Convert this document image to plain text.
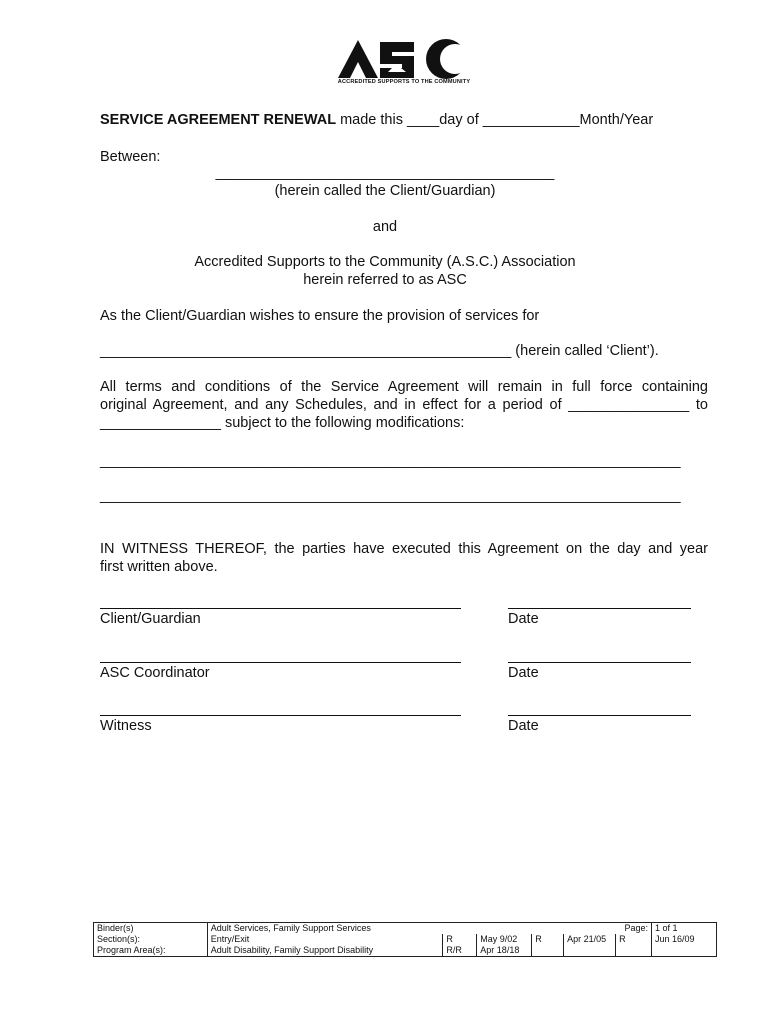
ACCREDITED SUPPORTS TO THE COMMUNITY
SERVICE AGREEMENT RENEWAL made this ____day of ____________Month/Year
Between:
__________________________________________
(herein called the Client/Guardian)
and
Accredited Supports to the Community (A.S.C.) Association
herein referred to as ASC
As the Client/Guardian wishes to ensure the provision of services for
___________________________________________________ (herein called ‘Client’).
All terms and conditions of the Service Agreement will remain in full force containing
original Agreement, and any Schedules, and in effect for a period of _______________ to
_______________ subject to the following modifications:
________________________________________________________________________
________________________________________________________________________
IN WITNESS THEREOF, the parties have executed this Agreement on the day and year
first written above.
Client/Guardian	Date
ASC Coordinator	Date
Witness	Date
Binder(s)	Adult Services, Family Support Services					Page:	1 of 1
Section(s):	Entry/Exit	R	May 9/02	R	Apr 21/05	R	Jun 16/09
Program Area(s):	Adult Disability, Family Support Disability	R/R	Apr 18/18				
